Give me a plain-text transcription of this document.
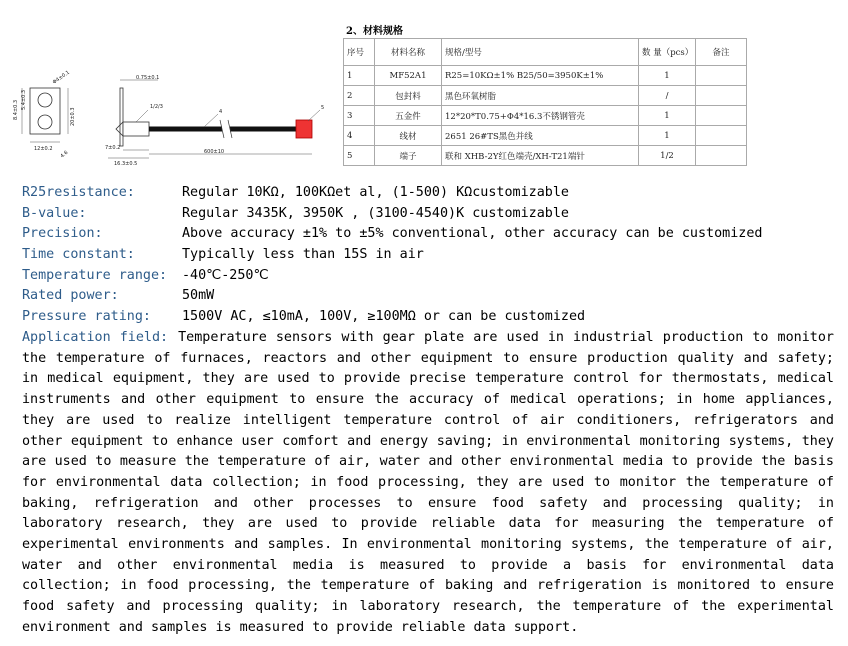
Φ4±0.1
8.4±0.3 5.4±0.3
20±0.3
12±0.2
4.6
0.75±0.1
7±0.2
16.3±0.5
600±10
1/2/3
4
5
2、材料规格
序号	材料名称	规格/型号	数 量（pcs）	备注
1	MF52A1	R25=10KΩ±1% B25/50=3950K±1%	1	
2	包封料	黑色环氧树脂	/	
3	五金件	12*20*T0.75+Φ4*16.3不锈钢管壳	1	
4	线材	2651 26#TS黑色并线	1	
5	端子	联和 XHB-2Y红色端壳/XH-T21端针	1/2	
R25resistance:	Regular 10KΩ, 100KΩet al, (1-500) KΩcustomizable
B-value:	Regular 3435K, 3950K , (3100-4540)K customizable
Precision:	Above accuracy ±1% to ±5% conventional, other accuracy can be customized
Time constant:	Typically less than 15S in air
Temperature range:	-40℃-250℃
Rated power:	50mW
Pressure rating:	1500V AC, ≤10mA, 100V, ≥100MΩ or can be customized
Application field: Temperature sensors with gear plate are used in industrial production to monitor the temperature of furnaces, reactors and other equipment to ensure production quality and safety; in medical equipment, they are used to provide precise temperature control for thermostats, medical instruments and other equipment to ensure the accuracy of medical operations; in home appliances, they are used to realize intelligent temperature control of air conditioners, refrigerators and other equipment to enhance user comfort and energy saving; in environmental monitoring systems, they are used to measure the temperature of air, water and other environmental media to provide the basis for environmental data collection; in food processing, they are used to monitor the temperature of baking, refrigeration and other processes to ensure food safety and processing quality; in laboratory research, they are used to provide reliable data for measuring the temperature of experimental environments and samples. In environmental monitoring systems, the temperature of air, water and other environmental media is measured to provide a basis for environmental data collection; in food processing, the temperature of baking and refrigeration is monitored to ensure food safety and processing quality; in laboratory research, the temperature of the experimental environment and samples is measured to provide reliable data support.
